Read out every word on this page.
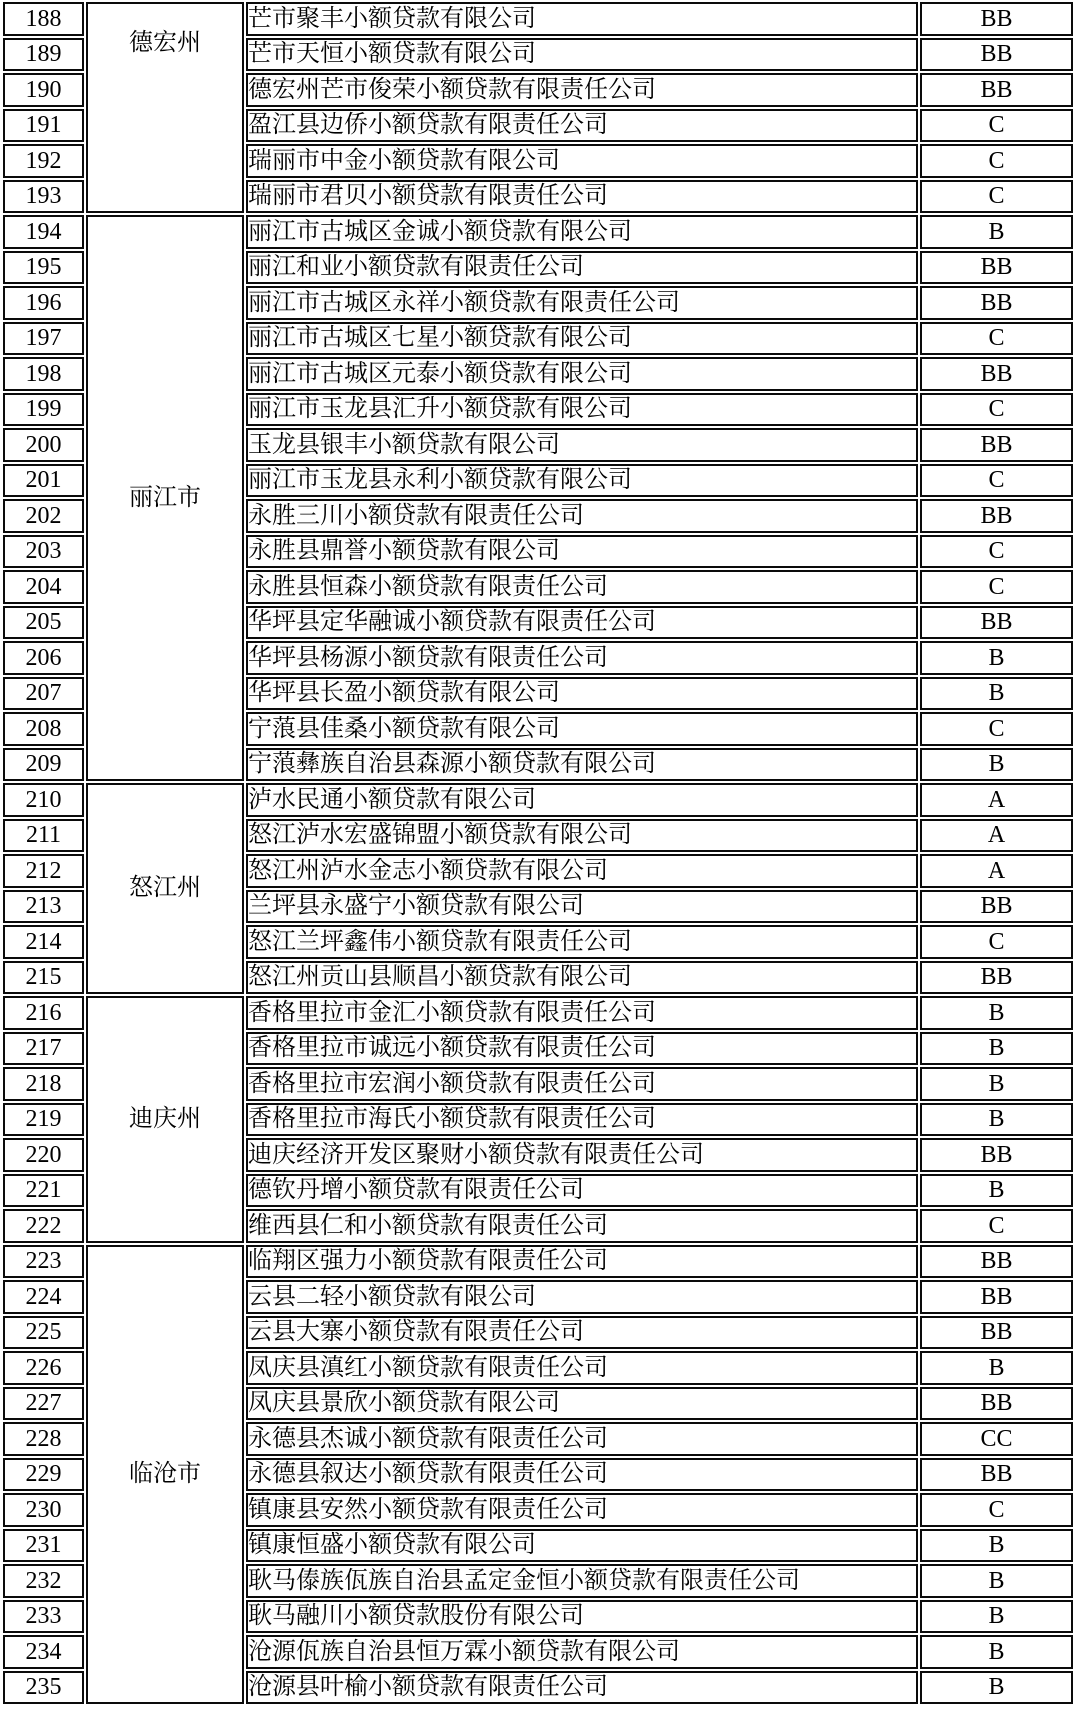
188	德宏州	芒市聚丰小额贷款有限公司	BB
189		芒市天恒小额贷款有限公司	BB
190		德宏州芒市俊荣小额贷款有限责任公司	BB
191		盈江县边侨小额贷款有限责任公司	C
192		瑞丽市中金小额贷款有限公司	C
193		瑞丽市君贝小额贷款有限责任公司	C
194	丽江市	丽江市古城区金诚小额贷款有限公司	B
195		丽江和业小额贷款有限责任公司	BB
196		丽江市古城区永祥小额贷款有限责任公司	BB
197		丽江市古城区七星小额贷款有限公司	C
198		丽江市古城区元泰小额贷款有限公司	BB
199		丽江市玉龙县汇升小额贷款有限公司	C
200		玉龙县银丰小额贷款有限公司	BB
201		丽江市玉龙县永利小额贷款有限公司	C
202		永胜三川小额贷款有限责任公司	BB
203		永胜县鼎誉小额贷款有限公司	C
204		永胜县恒森小额贷款有限责任公司	C
205		华坪县定华融诚小额贷款有限责任公司	BB
206		华坪县杨源小额贷款有限责任公司	B
207		华坪县长盈小额贷款有限公司	B
208		宁蒗县佳桑小额贷款有限公司	C
209		宁蒗彝族自治县森源小额贷款有限公司	B
210	怒江州	泸水民通小额贷款有限公司	A
211		怒江泸水宏盛锦盟小额贷款有限公司	A
212		怒江州泸水金志小额贷款有限公司	A
213		兰坪县永盛宁小额贷款有限公司	BB
214		怒江兰坪鑫伟小额贷款有限责任公司	C
215		怒江州贡山县顺昌小额贷款有限公司	BB
216	迪庆州	香格里拉市金汇小额贷款有限责任公司	B
217		香格里拉市诚远小额贷款有限责任公司	B
218		香格里拉市宏润小额贷款有限责任公司	B
219		香格里拉市海氏小额贷款有限责任公司	B
220		迪庆经济开发区聚财小额贷款有限责任公司	BB
221		德钦丹增小额贷款有限责任公司	B
222		维西县仁和小额贷款有限责任公司	C
223	临沧市	临翔区强力小额贷款有限责任公司	BB
224		云县二轻小额贷款有限公司	BB
225		云县大寨小额贷款有限责任公司	BB
226		凤庆县滇红小额贷款有限责任公司	B
227		凤庆县景欣小额贷款有限公司	BB
228		永德县杰诚小额贷款有限责任公司	CC
229		永德县叙达小额贷款有限责任公司	BB
230		镇康县安然小额贷款有限责任公司	C
231		镇康恒盛小额贷款有限公司	B
232		耿马傣族佤族自治县孟定金恒小额贷款有限责任公司	B
233		耿马融川小额贷款股份有限公司	B
234		沧源佤族自治县恒万霖小额贷款有限公司	B
235		沧源县叶榆小额贷款有限责任公司	B
